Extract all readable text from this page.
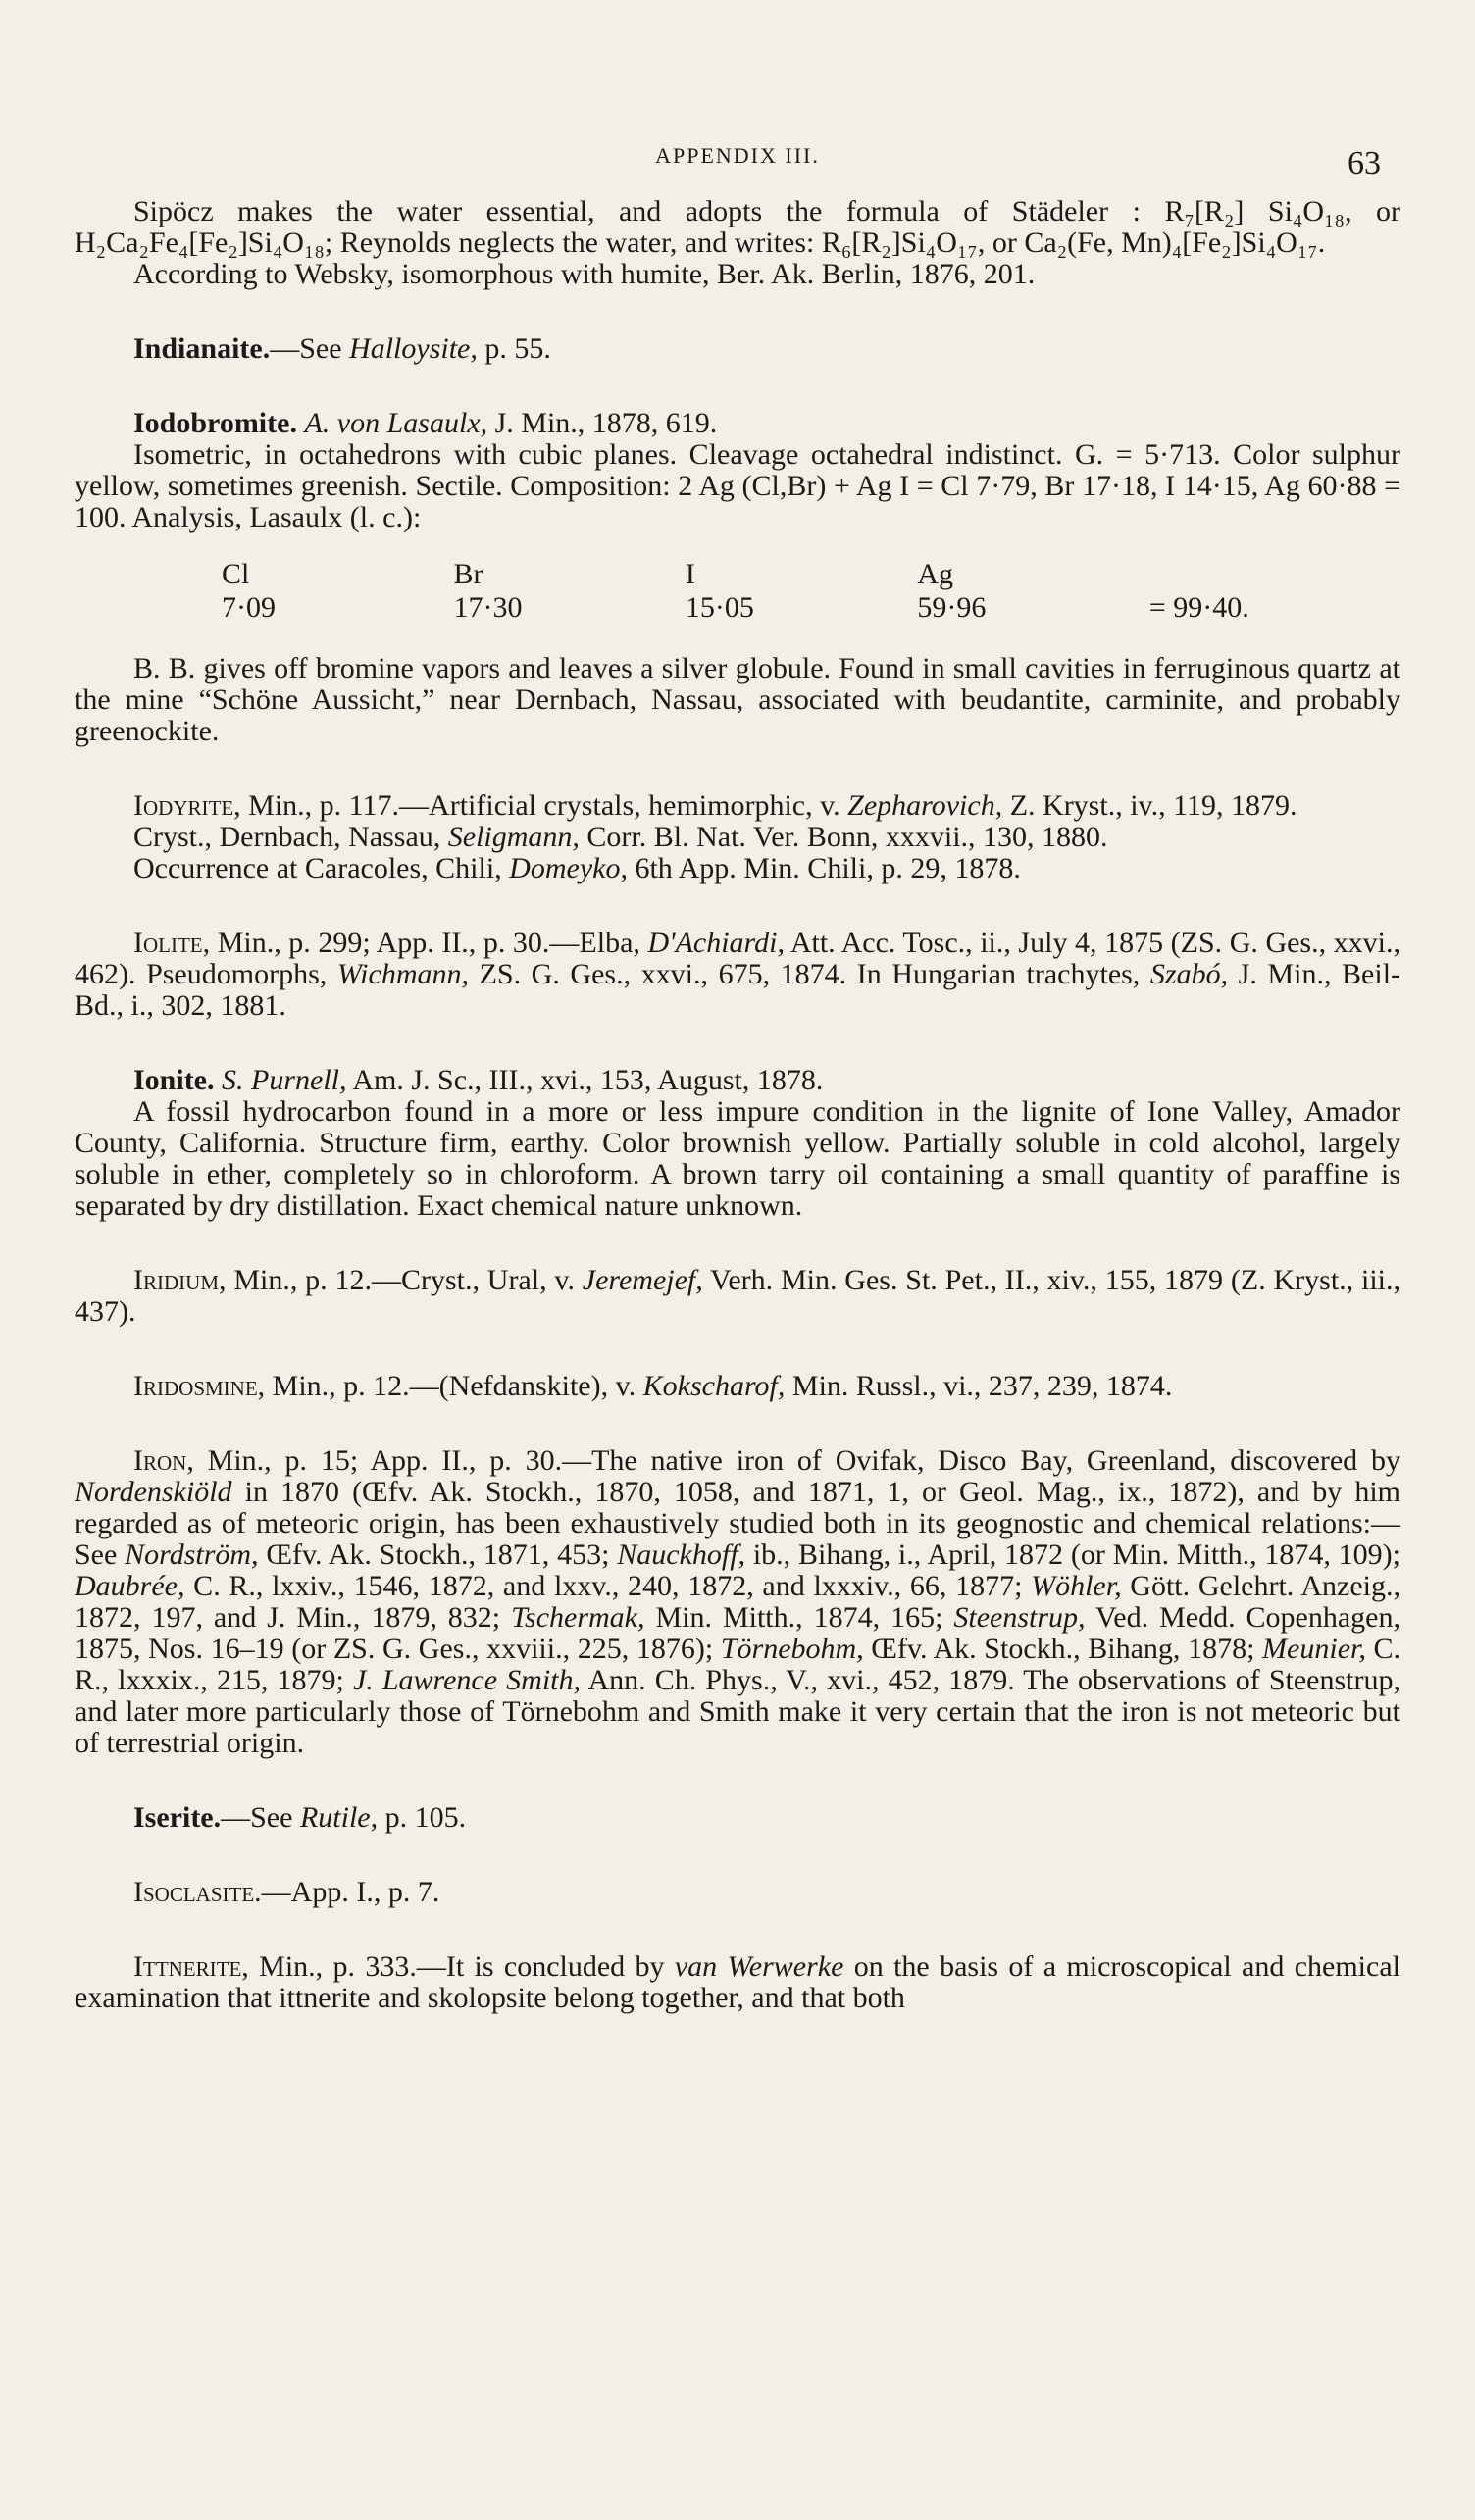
APPENDIX III.	63

Sipöcz makes the water essential, and adopts the formula of Städeler : R₇[R₂] Si₄O₁₈, or H₂Ca₂Fe₄[Fe₂]Si₄O₁₈; Reynolds neglects the water, and writes: R₆[R₂]Si₄O₁₇, or Ca₂(Fe, Mn)₄[Fe₂]Si₄O₁₇.

According to Websky, isomorphous with humite, Ber. Ak. Berlin, 1876, 201.

Indianaite.—See Halloysite, p. 55.

Iodobromite. A. von Lasaulx, J. Min., 1878, 619.

Isometric, in octahedrons with cubic planes. Cleavage octahedral indistinct. G. = 5·713. Color sulphur yellow, sometimes greenish. Sectile. Composition: 2 Ag (Cl,Br) + Ag I = Cl 7·79, Br 17·18, I 14·15, Ag 60·88 = 100. Analysis, Lasaulx (l. c.):

Cl
7·09
Br
17·30
I
15·05
Ag
59·96	= 99·40.

B. B. gives off bromine vapors and leaves a silver globule. Found in small cavities in ferruginous quartz at the mine “Schöne Aussicht,” near Dernbach, Nassau, associated with beudantite, carminite, and probably greenockite.

Iodyrite, Min., p. 117.—Artificial crystals, hemimorphic, v. Zepharovich, Z. Kryst., iv., 119, 1879.

Cryst., Dernbach, Nassau, Seligmann, Corr. Bl. Nat. Ver. Bonn, xxxvii., 130, 1880.

Occurrence at Caracoles, Chili, Domeyko, 6th App. Min. Chili, p. 29, 1878.

Iolite, Min., p. 299; App. II., p. 30.—Elba, D'Achiardi, Att. Acc. Tosc., ii., July 4, 1875 (ZS. G. Ges., xxvi., 462). Pseudomorphs, Wichmann, ZS. G. Ges., xxvi., 675, 1874. In Hungarian trachytes, Szabó, J. Min., Beil-Bd., i., 302, 1881.

Ionite. S. Purnell, Am. J. Sc., III., xvi., 153, August, 1878.

A fossil hydrocarbon found in a more or less impure condition in the lignite of Ione Valley, Amador County, California. Structure firm, earthy. Color brownish yellow. Partially soluble in cold alcohol, largely soluble in ether, completely so in chloroform. A brown tarry oil containing a small quantity of paraffine is separated by dry distillation. Exact chemical nature unknown.

Iridium, Min., p. 12.—Cryst., Ural, v. Jeremejef, Verh. Min. Ges. St. Pet., II., xiv., 155, 1879 (Z. Kryst., iii., 437).

Iridosmine, Min., p. 12.—(Nefdanskite), v. Kokscharof, Min. Russl., vi., 237, 239, 1874.

Iron, Min., p. 15; App. II., p. 30.—The native iron of Ovifak, Disco Bay, Greenland, discovered by Nordenskiöld in 1870 (Œfv. Ak. Stockh., 1870, 1058, and 1871, 1, or Geol. Mag., ix., 1872), and by him regarded as of meteoric origin, has been exhaustively studied both in its geognostic and chemical relations:—See Nordström, Œfv. Ak. Stockh., 1871, 453; Nauckhoff, ib., Bihang, i., April, 1872 (or Min. Mitth., 1874, 109); Daubrée, C. R., lxxiv., 1546, 1872, and lxxv., 240, 1872, and lxxxiv., 66, 1877; Wöhler, Gött. Gelehrt. Anzeig., 1872, 197, and J. Min., 1879, 832; Tschermak, Min. Mitth., 1874, 165; Steenstrup, Ved. Medd. Copenhagen, 1875, Nos. 16–19 (or ZS. G. Ges., xxviii., 225, 1876); Törnebohm, Œfv. Ak. Stockh., Bihang, 1878; Meunier, C. R., lxxxix., 215, 1879; J. Lawrence Smith, Ann. Ch. Phys., V., xvi., 452, 1879. The observations of Steenstrup, and later more particularly those of Törnebohm and Smith make it very certain that the iron is not meteoric but of terrestrial origin.

Iserite.—See Rutile, p. 105.

Isoclasite.—App. I., p. 7.

Ittnerite, Min., p. 333.—It is concluded by van Werwerke on the basis of a microscopical and chemical examination that ittnerite and skolopsite belong together, and that both
